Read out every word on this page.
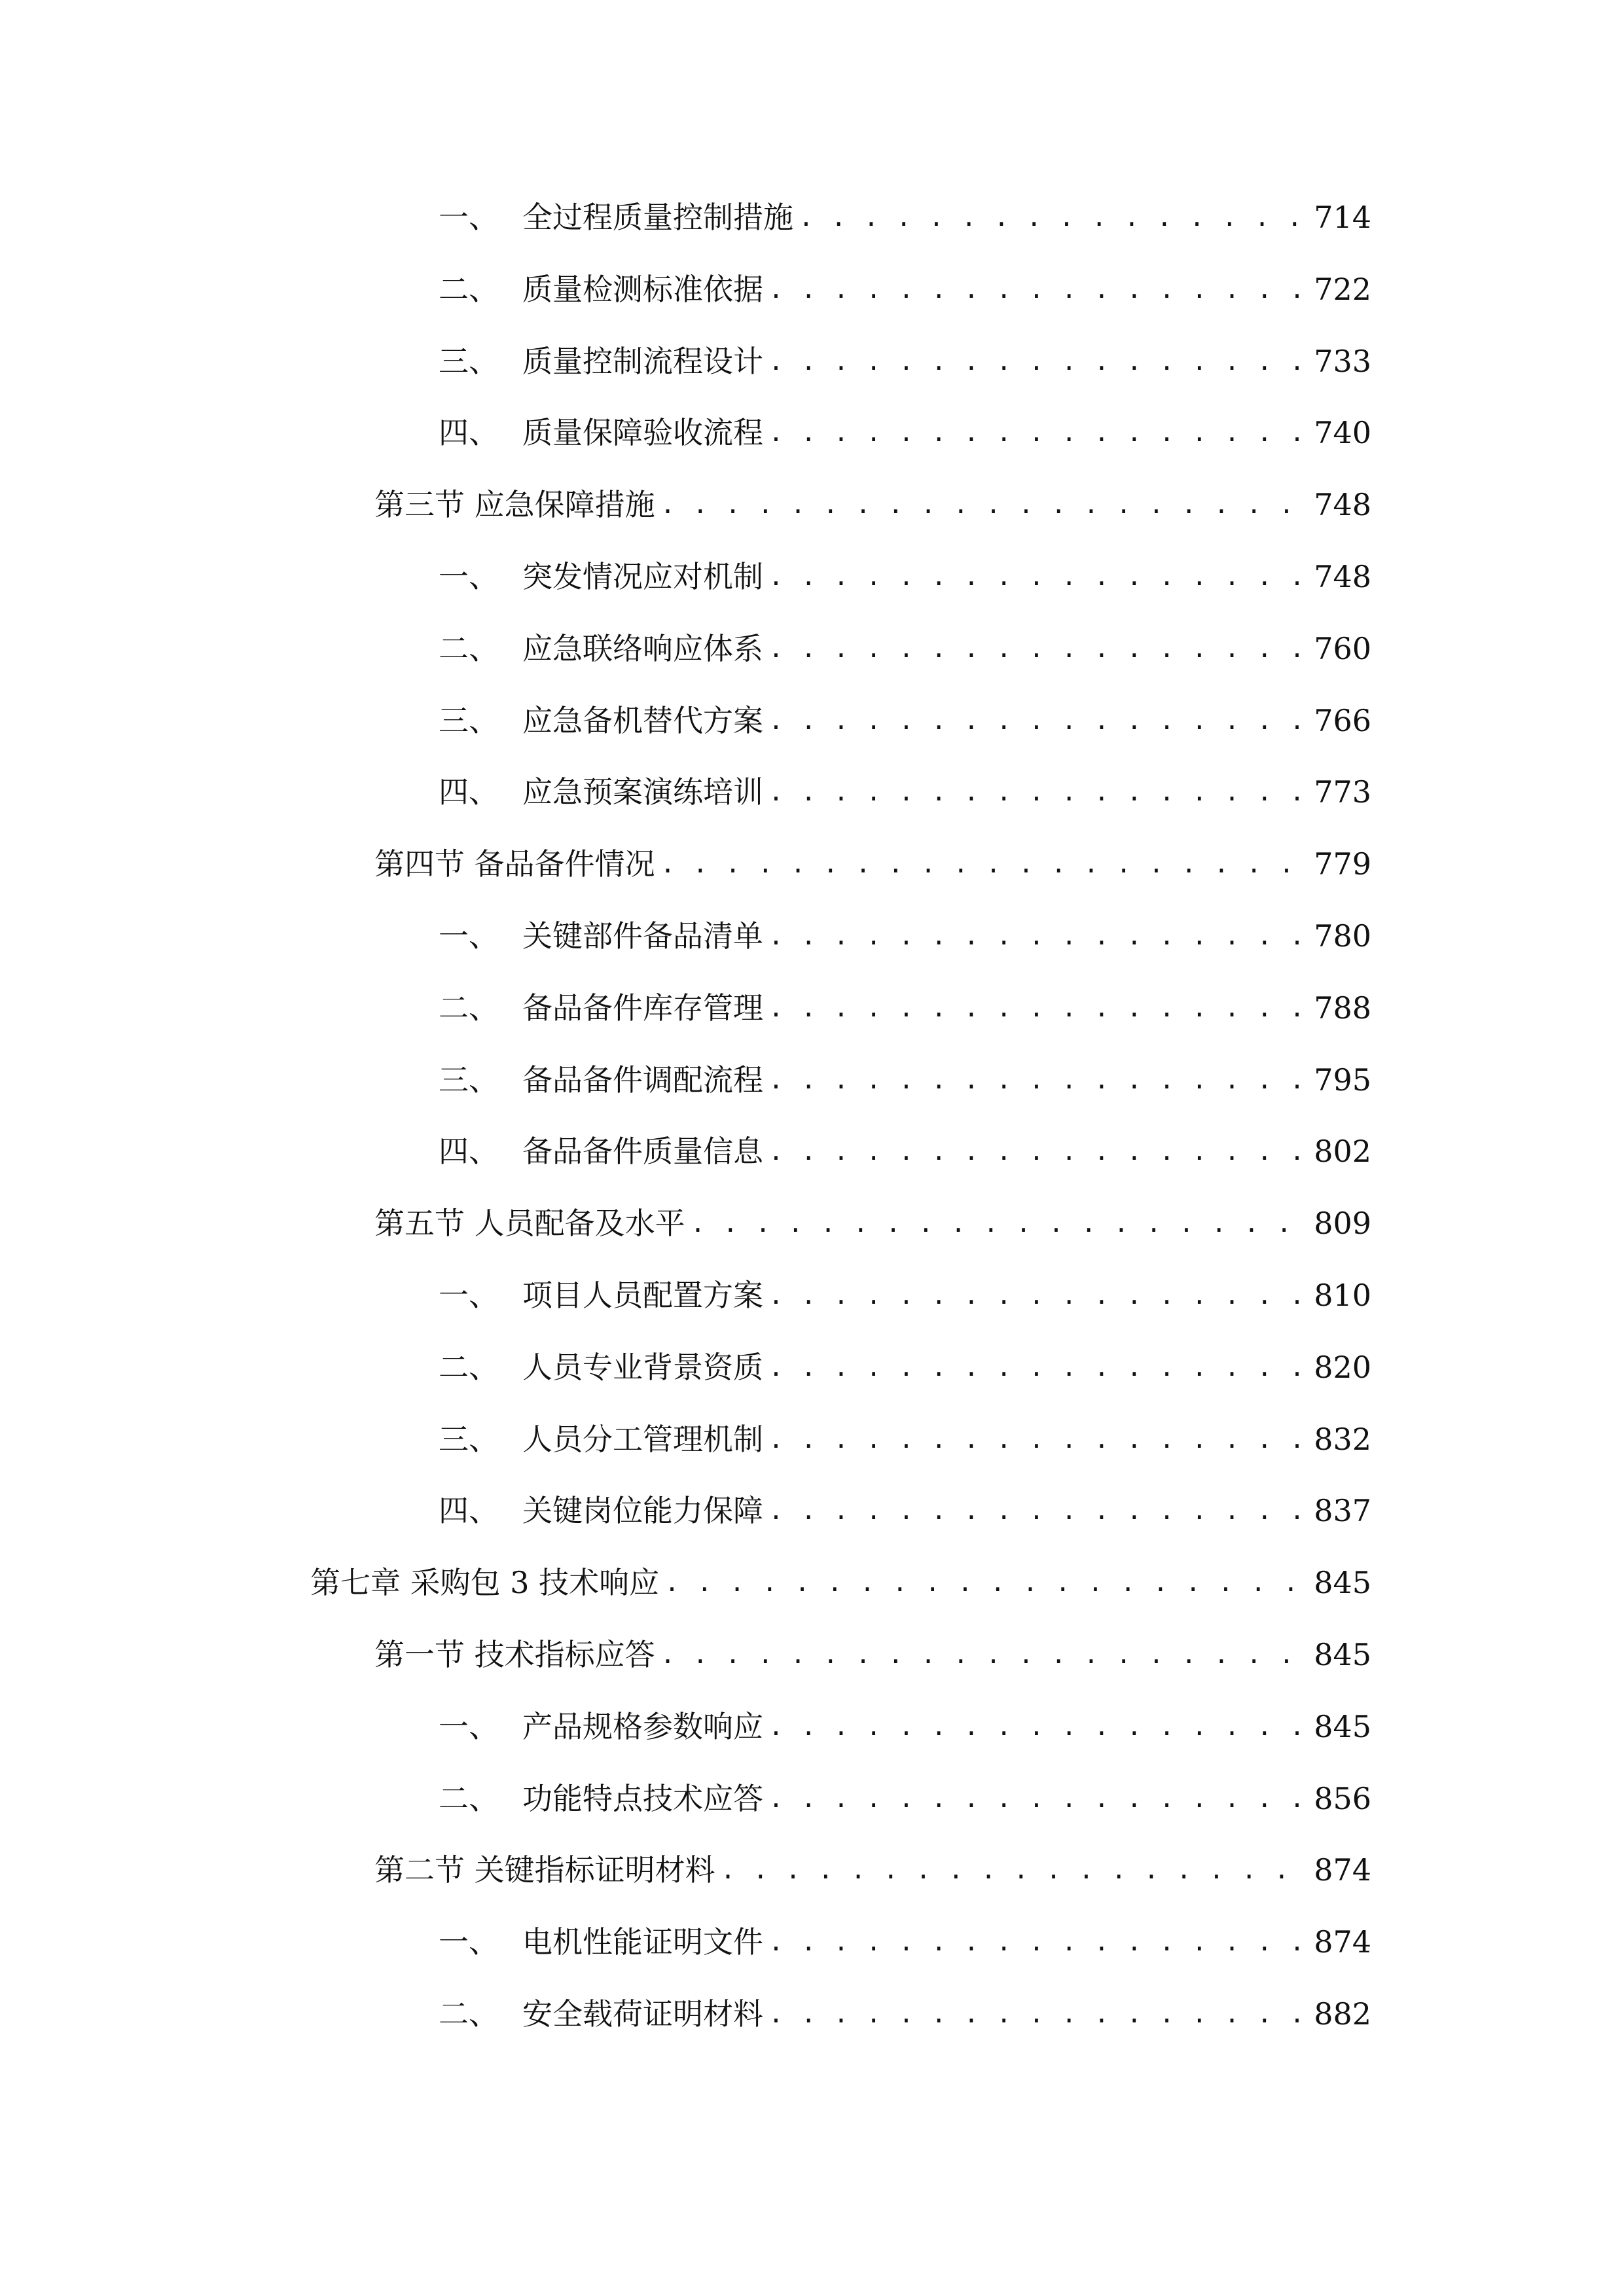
一、 全过程质量控制措施 . . .	714
二、 质量检测标准依据 . . .	722
三、 质量控制流程设计 . . .	733
四、 质量保障验收流程 . . .	740
第三节 应急保障措施 . . .	748
一、 突发情况应对机制 . . .	748
二、 应急联络响应体系 . . .	760
三、 应急备机替代方案 . . .	766
四、 应急预案演练培训 . . .	773
第四节 备品备件情况 . . .	779
一、 关键部件备品清单 . . .	780
二、 备品备件库存管理 . . .	788
三、 备品备件调配流程 . . .	795
四、 备品备件质量信息 . . .	802
第五节 人员配备及水平 . . .	809
一、 项目人员配置方案 . . .	810
二、 人员专业背景资质 . . .	820
三、 人员分工管理机制 . . .	832
四、 关键岗位能力保障 . . .	837
第七章 采购包 3 技术响应 . . .	845
第一节 技术指标应答 . . .	845
一、 产品规格参数响应 . . .	845
二、 功能特点技术应答 . . .	856
第二节 关键指标证明材料 . . .	874
一、 电机性能证明文件 . . .	874
二、 安全载荷证明材料 . . .	882
